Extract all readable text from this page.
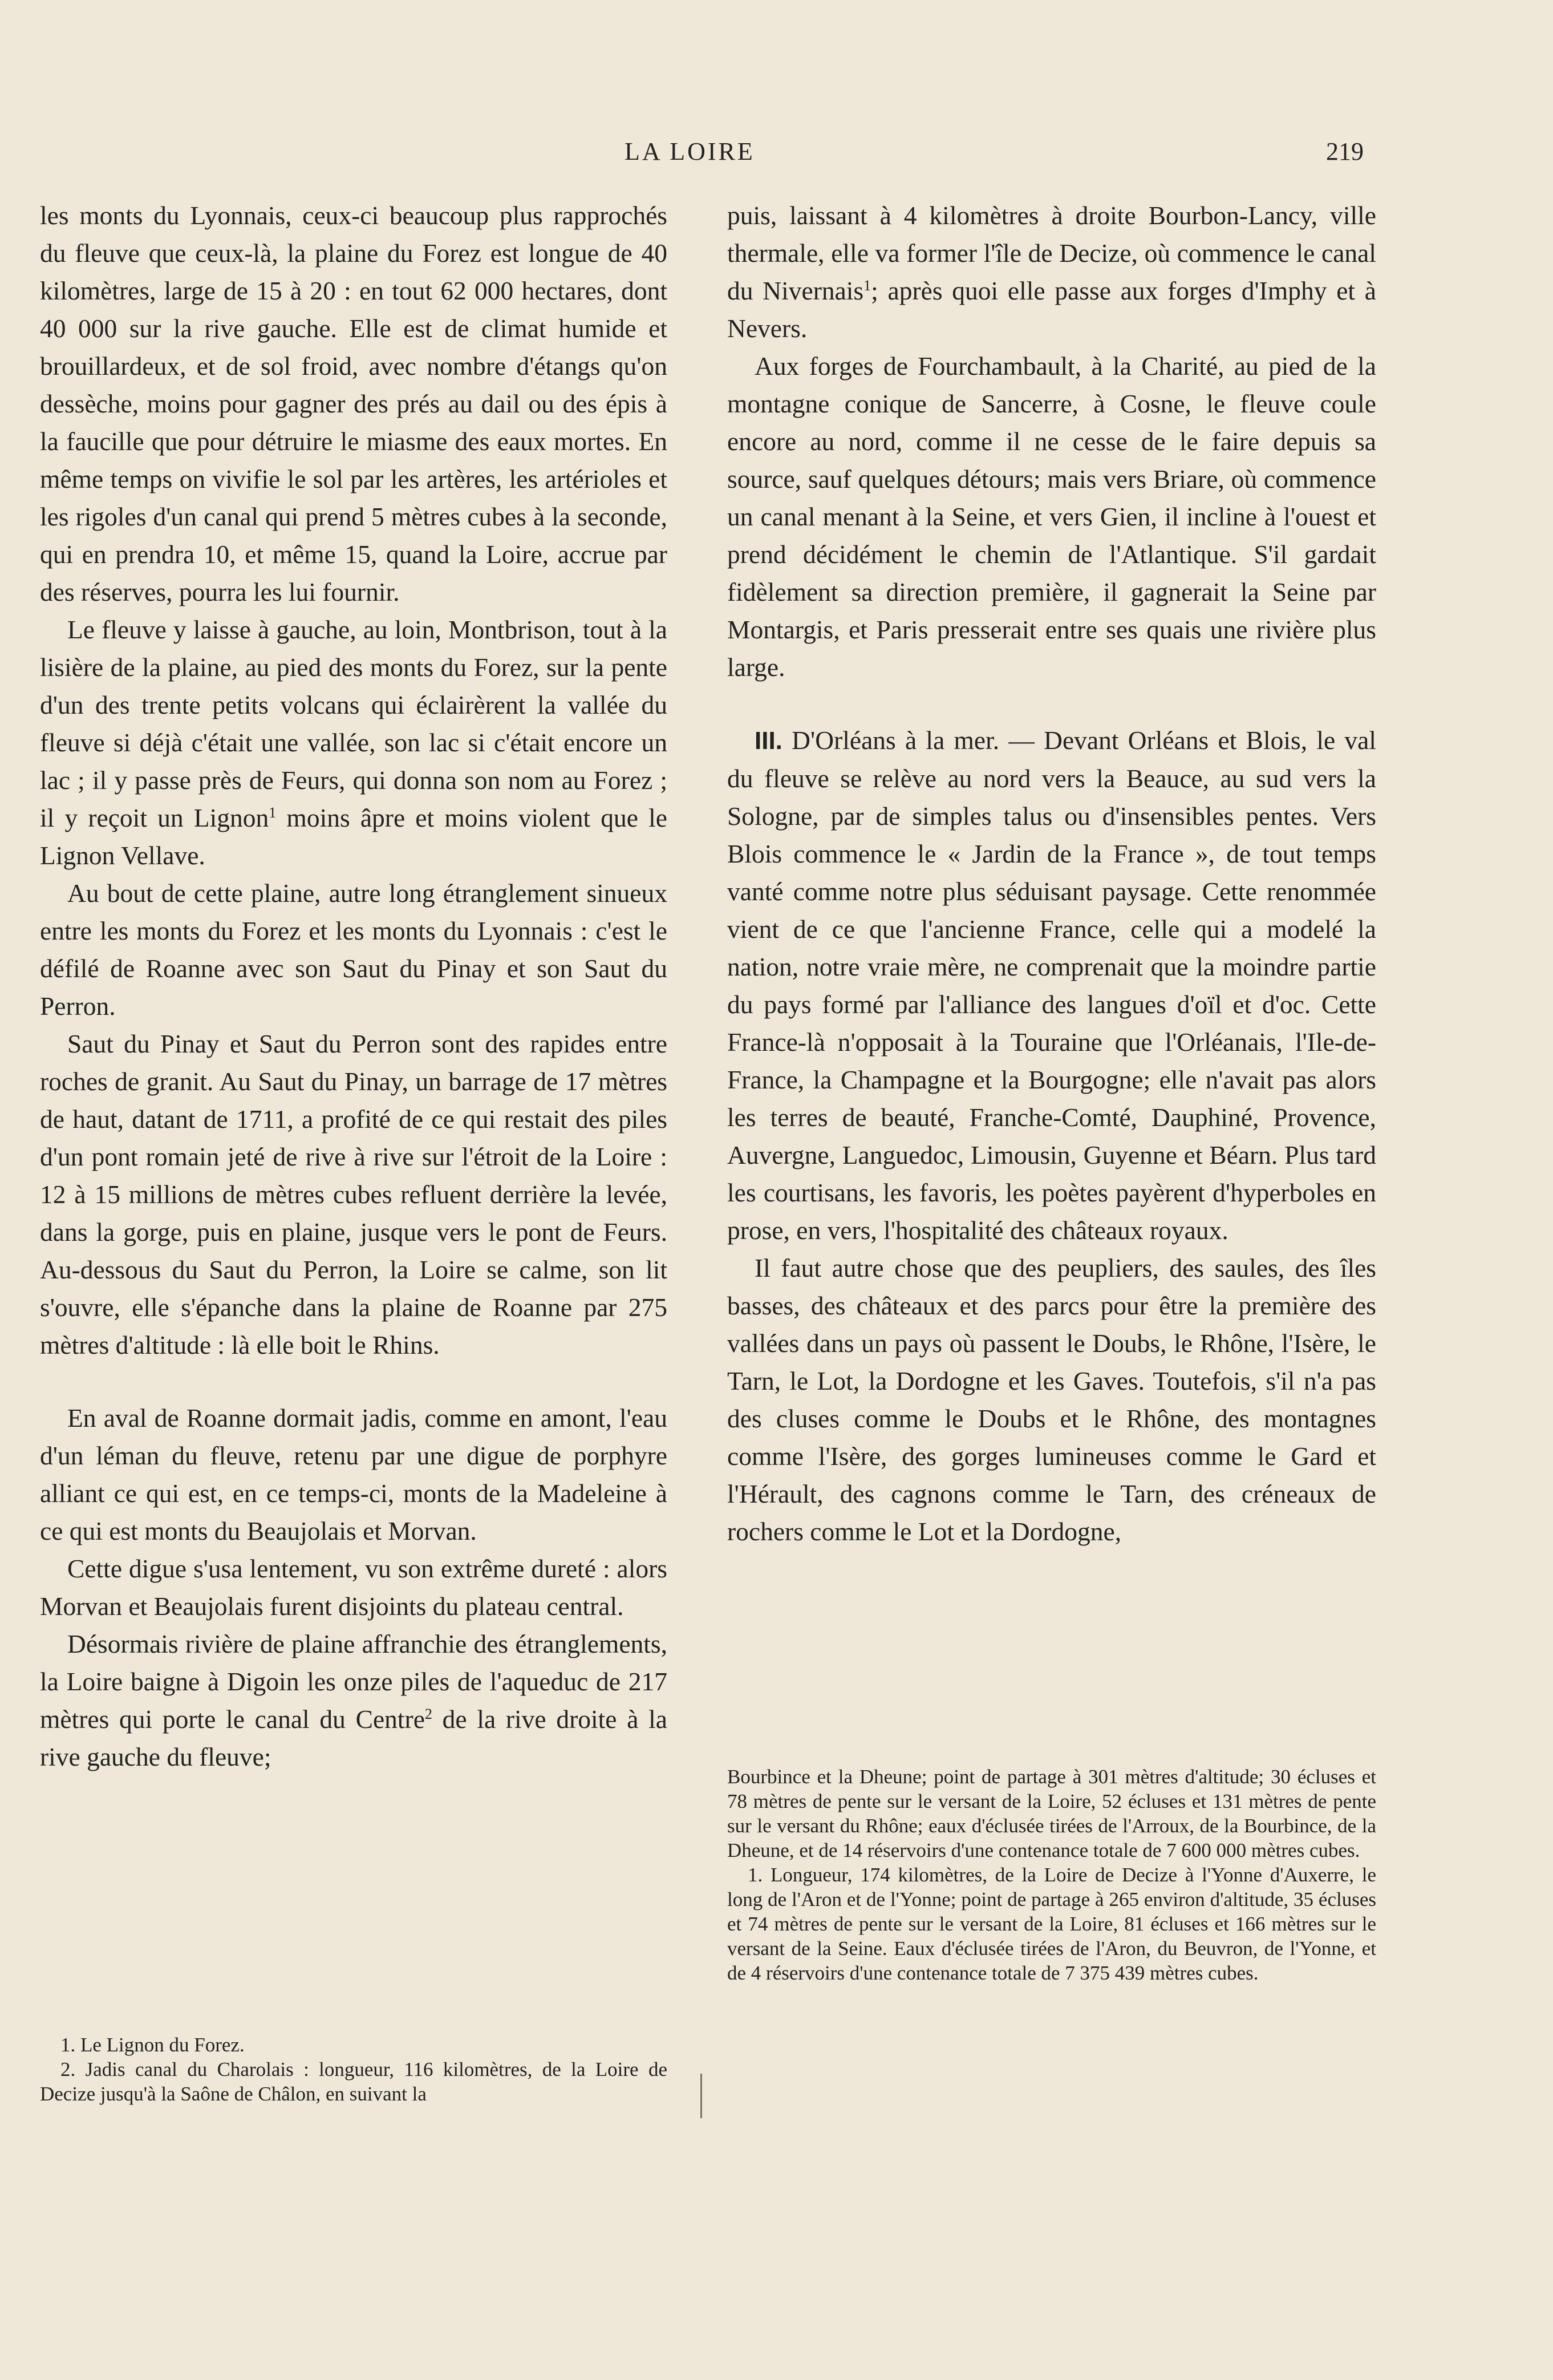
LA LOIRE	219

les monts du Lyonnais, ceux-ci beaucoup plus rapprochés du fleuve que ceux-là, la plaine du Forez est longue de 40 kilomètres, large de 15 à 20 : en tout 62 000 hectares, dont 40 000 sur la rive gauche. Elle est de climat humide et brouillardeux, et de sol froid, avec nombre d'étangs qu'on dessèche, moins pour gagner des prés au dail ou des épis à la faucille que pour détruire le miasme des eaux mortes. En même temps on vivifie le sol par les artères, les artérioles et les rigoles d'un canal qui prend 5 mètres cubes à la seconde, qui en prendra 10, et même 15, quand la Loire, accrue par des réserves, pourra les lui fournir.

Le fleuve y laisse à gauche, au loin, Montbrison, tout à la lisière de la plaine, au pied des monts du Forez, sur la pente d'un des trente petits volcans qui éclairèrent la vallée du fleuve si déjà c'était une vallée, son lac si c'était encore un lac ; il y passe près de Feurs, qui donna son nom au Forez ; il y reçoit un Lignon$^1$ moins âpre et moins violent que le Lignon Vellave.

Au bout de cette plaine, autre long étranglement sinueux entre les monts du Forez et les monts du Lyonnais : c'est le défilé de Roanne avec son Saut du Pinay et son Saut du Perron.

Saut du Pinay et Saut du Perron sont des rapides entre roches de granit. Au Saut du Pinay, un barrage de 17 mètres de haut, datant de 1711, a profité de ce qui restait des piles d'un pont romain jeté de rive à rive sur l'étroit de la Loire : 12 à 15 millions de mètres cubes refluent derrière la levée, dans la gorge, puis en plaine, jusque vers le pont de Feurs. Au-dessous du Saut du Perron, la Loire se calme, son lit s'ouvre, elle s'épanche dans la plaine de Roanne par 275 mètres d'altitude : là elle boit le Rhins.

En aval de Roanne dormait jadis, comme en amont, l'eau d'un léman du fleuve, retenu par une digue de porphyre alliant ce qui est, en ce temps-ci, monts de la Madeleine à ce qui est monts du Beaujolais et Morvan.

Cette digue s'usa lentement, vu son extrême dureté : alors Morvan et Beaujolais furent disjoints du plateau central.

Désormais rivière de plaine affranchie des étranglements, la Loire baigne à Digoin les onze piles de l'aqueduc de 217 mètres qui porte le canal du Centre$^2$ de la rive droite à la rive gauche du fleuve;

puis, laissant à 4 kilomètres à droite Bourbon-Lancy, ville thermale, elle va former l'île de Decize, où commence le canal du Nivernais$^1$; après quoi elle passe aux forges d'Imphy et à Nevers.

Aux forges de Fourchambault, à la Charité, au pied de la montagne conique de Sancerre, à Cosne, le fleuve coule encore au nord, comme il ne cesse de le faire depuis sa source, sauf quelques détours; mais vers Briare, où commence un canal menant à la Seine, et vers Gien, il incline à l'ouest et prend décidément le chemin de l'Atlantique. S'il gardait fidèlement sa direction première, il gagnerait la Seine par Montargis, et Paris presserait entre ses quais une rivière plus large.

III. D'Orléans à la mer. — Devant Orléans et Blois, le val du fleuve se relève au nord vers la Beauce, au sud vers la Sologne, par de simples talus ou d'insensibles pentes. Vers Blois commence le « Jardin de la France », de tout temps vanté comme notre plus séduisant paysage. Cette renommée vient de ce que l'ancienne France, celle qui a modelé la nation, notre vraie mère, ne comprenait que la moindre partie du pays formé par l'alliance des langues d'oïl et d'oc. Cette France-là n'opposait à la Touraine que l'Orléanais, l'Ile-de-France, la Champagne et la Bourgogne; elle n'avait pas alors les terres de beauté, Franche-Comté, Dauphiné, Provence, Auvergne, Languedoc, Limousin, Guyenne et Béarn. Plus tard les courtisans, les favoris, les poètes payèrent d'hyperboles en prose, en vers, l'hospitalité des châteaux royaux.

Il faut autre chose que des peupliers, des saules, des îles basses, des châteaux et des parcs pour être la première des vallées dans un pays où passent le Doubs, le Rhône, l'Isère, le Tarn, le Lot, la Dordogne et les Gaves. Toutefois, s'il n'a pas des cluses comme le Doubs et le Rhône, des montagnes comme l'Isère, des gorges lumineuses comme le Gard et l'Hérault, des cagnons comme le Tarn, des créneaux de rochers comme le Lot et la Dordogne,

1. Le Lignon du Forez.

2. Jadis canal du Charolais : longueur, 116 kilomètres, de la Loire de Decize jusqu'à la Saône de Châlon, en suivant la

Bourbince et la Dheune; point de partage à 301 mètres d'altitude; 30 écluses et 78 mètres de pente sur le versant de la Loire, 52 écluses et 131 mètres de pente sur le versant du Rhône; eaux d'éclusée tirées de l'Arroux, de la Bourbince, de la Dheune, et de 14 réservoirs d'une contenance totale de 7 600 000 mètres cubes.

1. Longueur, 174 kilomètres, de la Loire de Decize à l'Yonne d'Auxerre, le long de l'Aron et de l'Yonne; point de partage à 265 environ d'altitude, 35 écluses et 74 mètres de pente sur le versant de la Loire, 81 écluses et 166 mètres sur le versant de la Seine. Eaux d'éclusée tirées de l'Aron, du Beuvron, de l'Yonne, et de 4 réservoirs d'une contenance totale de 7 375 439 mètres cubes.
